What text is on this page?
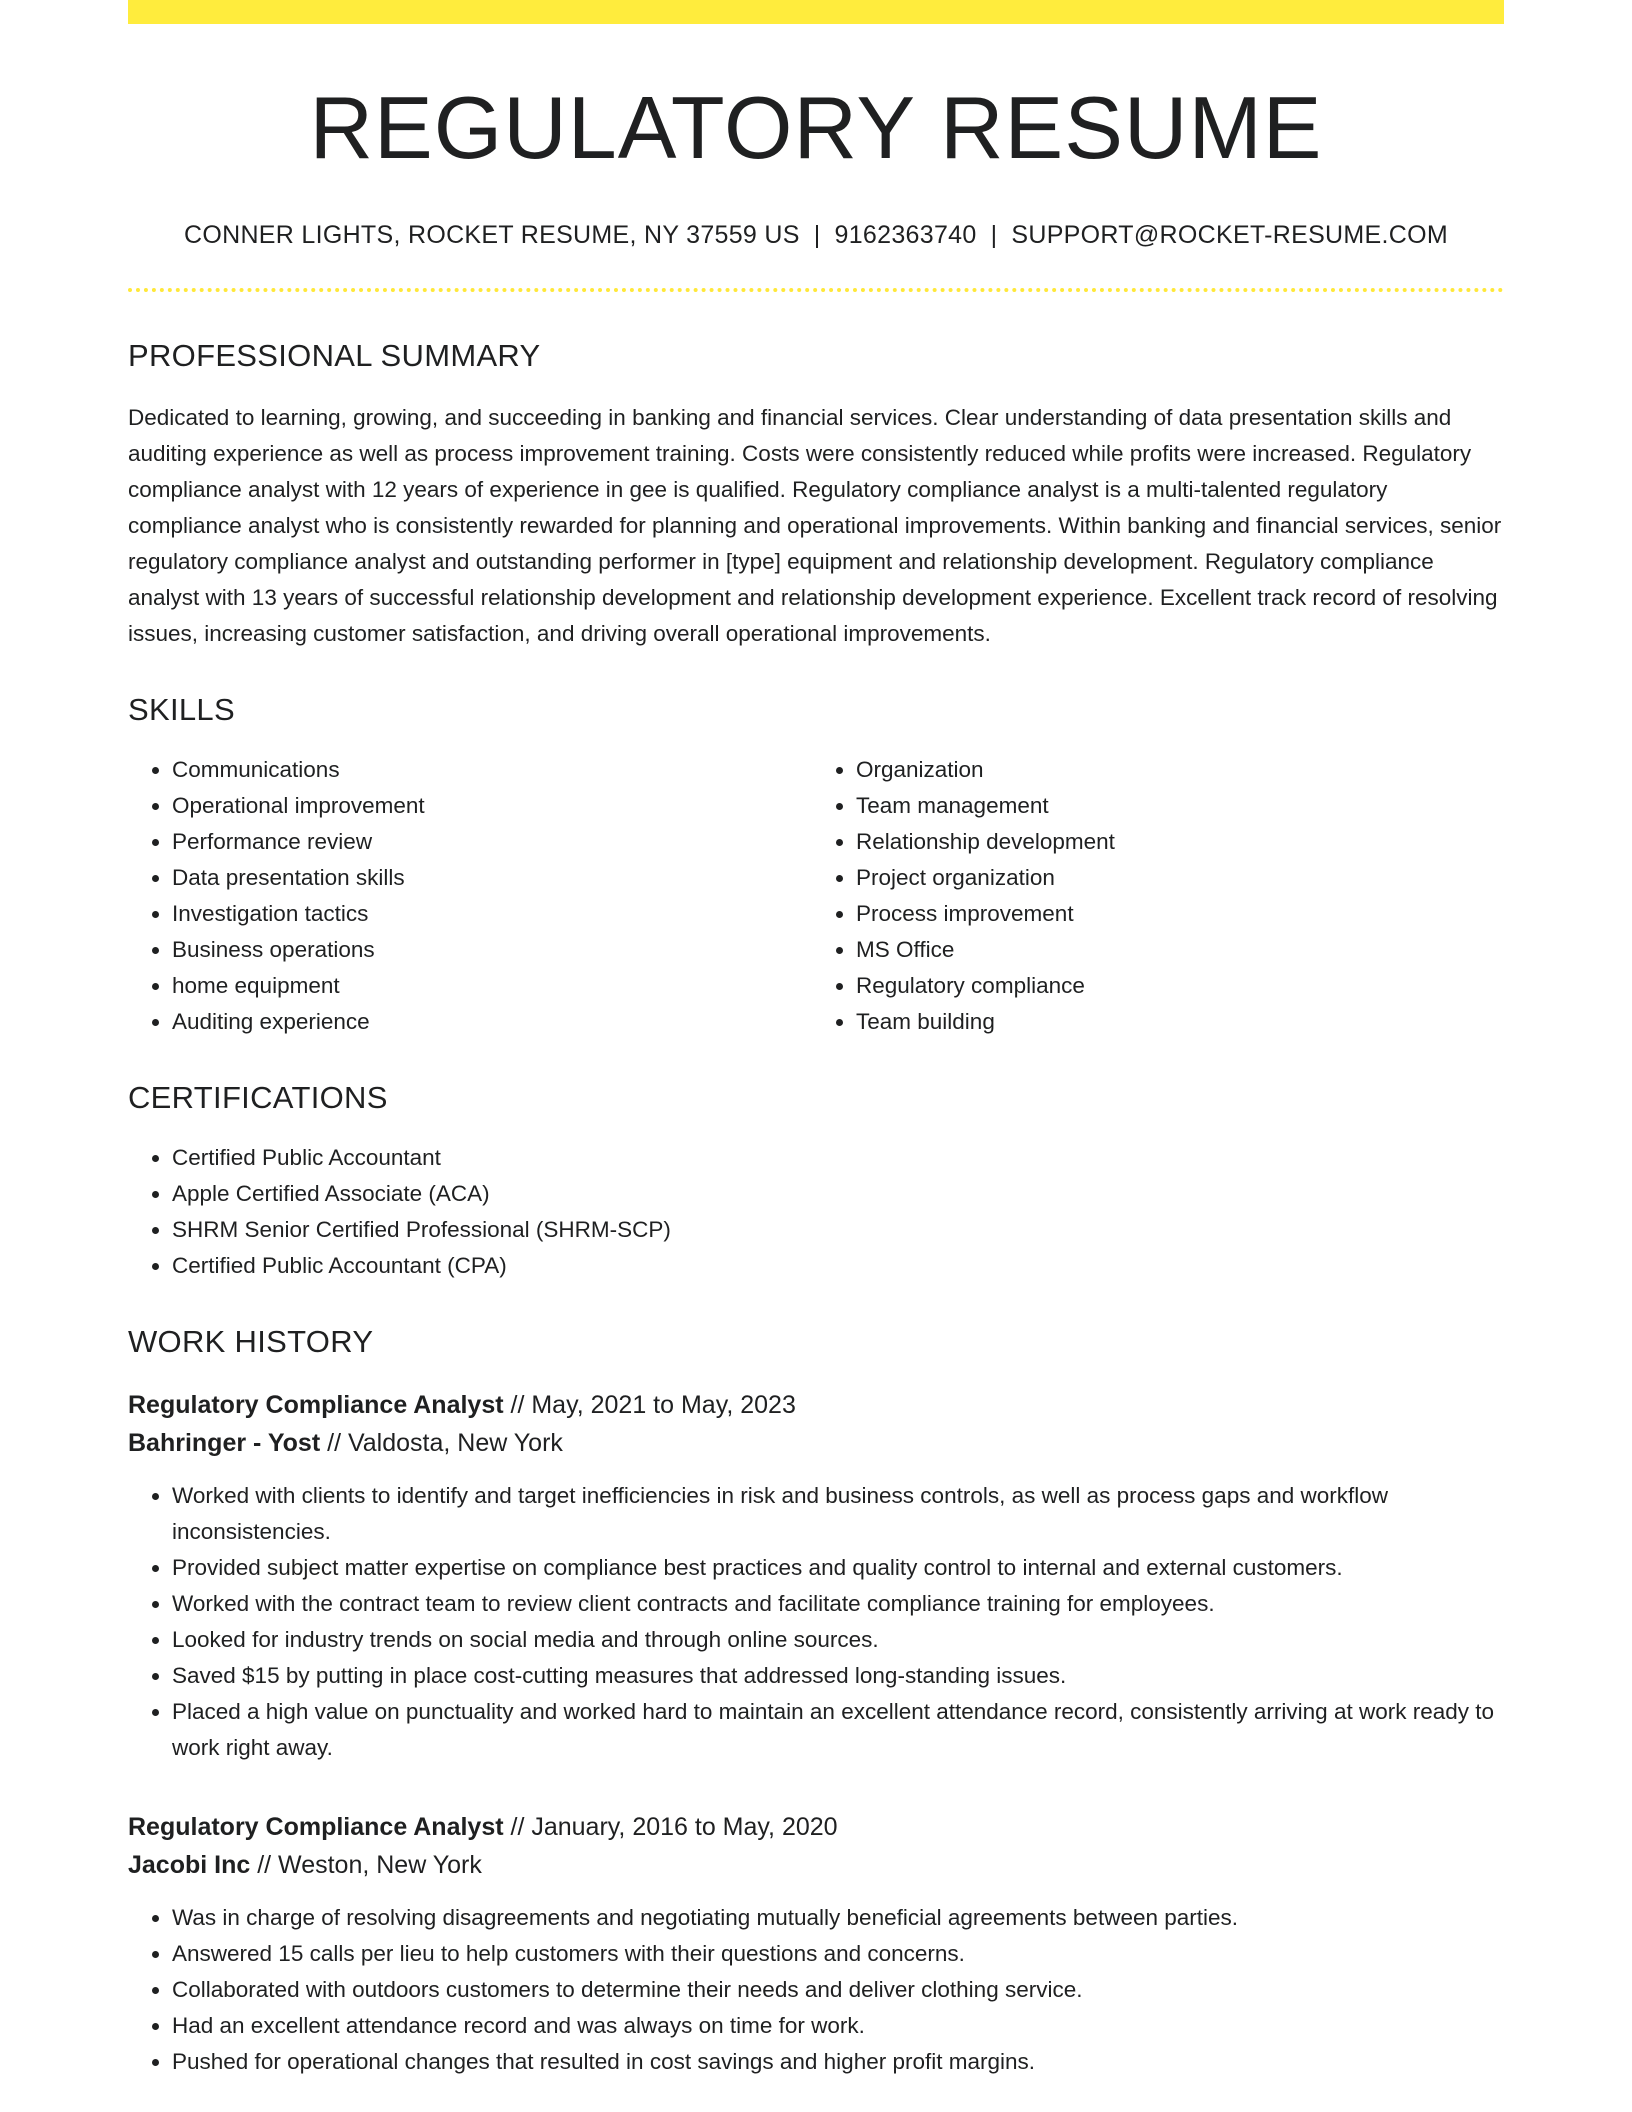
REGULATORY RESUME
CONNER LIGHTS, ROCKET RESUME, NY 37559 US | 9162363740 | SUPPORT@ROCKET-RESUME.COM
PROFESSIONAL SUMMARY
Dedicated to learning, growing, and succeeding in banking and financial services. Clear understanding of data presentation skills and auditing experience as well as process improvement training. Costs were consistently reduced while profits were increased. Regulatory compliance analyst with 12 years of experience in gee is qualified. Regulatory compliance analyst is a multi-talented regulatory compliance analyst who is consistently rewarded for planning and operational improvements. Within banking and financial services, senior regulatory compliance analyst and outstanding performer in [type] equipment and relationship development. Regulatory compliance analyst with 13 years of successful relationship development and relationship development experience. Excellent track record of resolving issues, increasing customer satisfaction, and driving overall operational improvements.
SKILLS
• Communications
• Operational improvement
• Performance review
• Data presentation skills
• Investigation tactics
• Business operations
• home equipment
• Auditing experience
• Organization
• Team management
• Relationship development
• Project organization
• Process improvement
• MS Office
• Regulatory compliance
• Team building
CERTIFICATIONS
• Certified Public Accountant
• Apple Certified Associate (ACA)
• SHRM Senior Certified Professional (SHRM-SCP)
• Certified Public Accountant (CPA)
WORK HISTORY
Regulatory Compliance Analyst // May, 2021 to May, 2023
Bahringer - Yost // Valdosta, New York
• Worked with clients to identify and target inefficiencies in risk and business controls, as well as process gaps and workflow inconsistencies.
• Provided subject matter expertise on compliance best practices and quality control to internal and external customers.
• Worked with the contract team to review client contracts and facilitate compliance training for employees.
• Looked for industry trends on social media and through online sources.
• Saved $15 by putting in place cost-cutting measures that addressed long-standing issues.
• Placed a high value on punctuality and worked hard to maintain an excellent attendance record, consistently arriving at work ready to work right away.
Regulatory Compliance Analyst // January, 2016 to May, 2020
Jacobi Inc // Weston, New York
• Was in charge of resolving disagreements and negotiating mutually beneficial agreements between parties.
• Answered 15 calls per lieu to help customers with their questions and concerns.
• Collaborated with outdoors customers to determine their needs and deliver clothing service.
• Had an excellent attendance record and was always on time for work.
• Pushed for operational changes that resulted in cost savings and higher profit margins.
